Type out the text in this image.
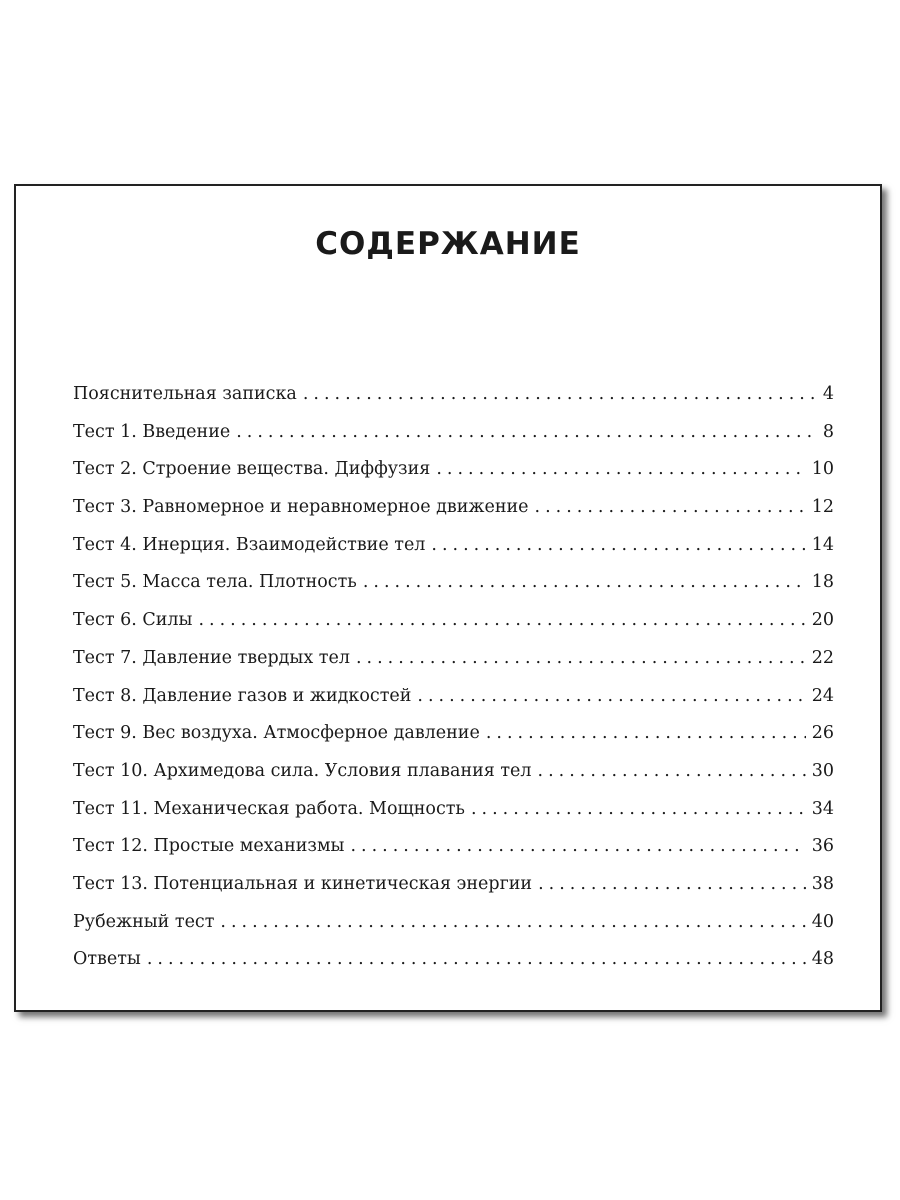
СОДЕРЖАНИЕ
Пояснительная записка .....	4
Тест 1. Введение .....	8
Тест 2. Строение вещества. Диффузия .....	10
Тест 3. Равномерное и неравномерное движение .....	12
Тест 4. Инерция. Взаимодействие тел .....	14
Тест 5. Масса тела. Плотность .....	18
Тест 6. Силы .....	20
Тест 7. Давление твердых тел .....	22
Тест 8. Давление газов и жидкостей .....	24
Тест 9. Вес воздуха. Атмосферное давление .....	26
Тест 10. Архимедова сила. Условия плавания тел .....	30
Тест 11. Механическая работа. Мощность .....	34
Тест 12. Простые механизмы .....	36
Тест 13. Потенциальная и кинетическая энергии .....	38
Рубежный тест .....	40
Ответы .....	48
